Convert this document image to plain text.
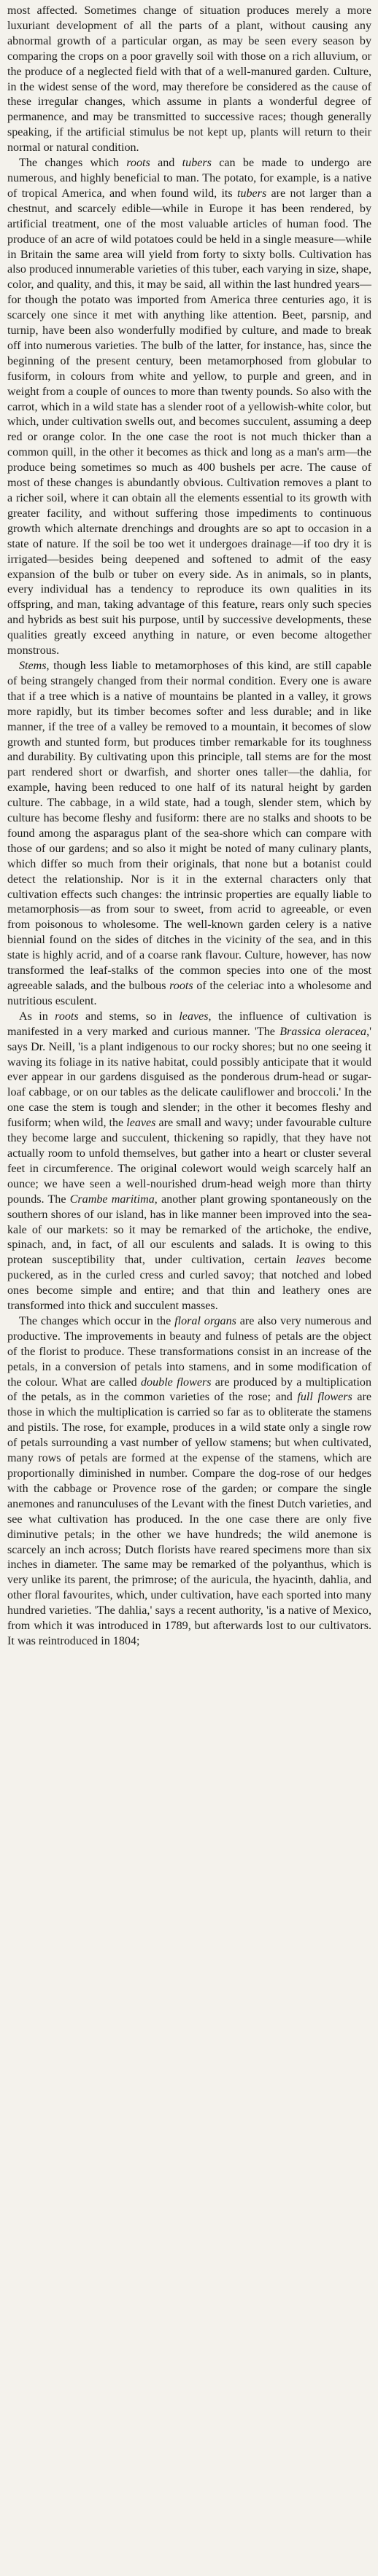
most affected. Sometimes change of situation produces merely a more luxuriant development of all the parts of a plant, without causing any abnormal growth of a particular organ, as may be seen every season by comparing the crops on a poor gravelly soil with those on a rich alluvium, or the produce of a neglected field with that of a well-manured garden. Culture, in the widest sense of the word, may therefore be considered as the cause of these irregular changes, which assume in plants a wonderful degree of permanence, and may be transmitted to successive races; though generally speaking, if the artificial stimulus be not kept up, plants will return to their normal or natural condition.

The changes which roots and tubers can be made to undergo are numerous, and highly beneficial to man. The potato, for example, is a native of tropical America, and when found wild, its tubers are not larger than a chestnut, and scarcely edible—while in Europe it has been rendered, by artificial treatment, one of the most valuable articles of human food. The produce of an acre of wild potatoes could be held in a single measure—while in Britain the same area will yield from forty to sixty bolls. Cultivation has also produced innumerable varieties of this tuber, each varying in size, shape, color, and quality, and this, it may be said, all within the last hundred years—for though the potato was imported from America three centuries ago, it is scarcely one since it met with anything like attention. Beet, parsnip, and turnip, have been also wonderfully modified by culture, and made to break off into numerous varieties. The bulb of the latter, for instance, has, since the beginning of the present century, been metamorphosed from globular to fusiform, in colours from white and yellow, to purple and green, and in weight from a couple of ounces to more than twenty pounds. So also with the carrot, which in a wild state has a slender root of a yellowish-white color, but which, under cultivation swells out, and becomes succulent, assuming a deep red or orange color. In the one case the root is not much thicker than a common quill, in the other it becomes as thick and long as a man's arm—the produce being sometimes so much as 400 bushels per acre. The cause of most of these changes is abundantly obvious. Cultivation removes a plant to a richer soil, where it can obtain all the elements essential to its growth with greater facility, and without suffering those impediments to continuous growth which alternate drenchings and droughts are so apt to occasion in a state of nature. If the soil be too wet it undergoes drainage—if too dry it is irrigated—besides being deepened and softened to admit of the easy expansion of the bulb or tuber on every side. As in animals, so in plants, every individual has a tendency to reproduce its own qualities in its offspring, and man, taking advantage of this feature, rears only such species and hybrids as best suit his purpose, until by successive developments, these qualities greatly exceed anything in nature, or even become altogether monstrous.

Stems, though less liable to metamorphoses of this kind, are still capable of being strangely changed from their normal condition. Every one is aware that if a tree which is a native of mountains be planted in a valley, it grows more rapidly, but its timber becomes softer and less durable; and in like manner, if the tree of a valley be removed to a mountain, it becomes of slow growth and stunted form, but produces timber remarkable for its toughness and durability. By cultivating upon this principle, tall stems are for the most part rendered short or dwarfish, and shorter ones taller—the dahlia, for example, having been reduced to one half of its natural height by garden culture. The cabbage, in a wild state, had a tough, slender stem, which by culture has become fleshy and fusiform: there are no stalks and shoots to be found among the asparagus plant of the sea-shore which can compare with those of our gardens; and so also it might be noted of many culinary plants, which differ so much from their originals, that none but a botanist could detect the relationship. Nor is it in the external characters only that cultivation effects such changes: the intrinsic properties are equally liable to metamorphosis—as from sour to sweet, from acrid to agreeable, or even from poisonous to wholesome. The well-known garden celery is a native biennial found on the sides of ditches in the vicinity of the sea, and in this state is highly acrid, and of a coarse rank flavour. Culture, however, has now transformed the leaf-stalks of the common species into one of the most agreeable salads, and the bulbous roots of the celeriac into a wholesome and nutritious esculent.

As in roots and stems, so in leaves, the influence of cultivation is manifested in a very marked and curious manner. 'The Brassica oleracea,' says Dr. Neill, 'is a plant indigenous to our rocky shores; but no one seeing it waving its foliage in its native habitat, could possibly anticipate that it would ever appear in our gardens disguised as the ponderous drum-head or sugar-loaf cabbage, or on our tables as the delicate cauliflower and broccoli.' In the one case the stem is tough and slender; in the other it becomes fleshy and fusiform; when wild, the leaves are small and wavy; under favourable culture they become large and succulent, thickening so rapidly, that they have not actually room to unfold themselves, but gather into a heart or cluster several feet in circumference. The original colewort would weigh scarcely half an ounce; we have seen a well-nourished drum-head weigh more than thirty pounds. The Crambe maritima, another plant growing spontaneously on the southern shores of our island, has in like manner been improved into the sea-kale of our markets: so it may be remarked of the artichoke, the endive, spinach, and, in fact, of all our esculents and salads. It is owing to this protean susceptibility that, under cultivation, certain leaves become puckered, as in the curled cress and curled savoy; that notched and lobed ones become simple and entire; and that thin and leathery ones are transformed into thick and succulent masses.

The changes which occur in the floral organs are also very numerous and productive. The improvements in beauty and fulness of petals are the object of the florist to produce. These transformations consist in an increase of the petals, in a conversion of petals into stamens, and in some modification of the colour. What are called double flowers are produced by a multiplication of the petals, as in the common varieties of the rose; and full flowers are those in which the multiplication is carried so far as to obliterate the stamens and pistils. The rose, for example, produces in a wild state only a single row of petals surrounding a vast number of yellow stamens; but when cultivated, many rows of petals are formed at the expense of the stamens, which are proportionally diminished in number. Compare the dog-rose of our hedges with the cabbage or Provence rose of the garden; or compare the single anemones and ranunculuses of the Levant with the finest Dutch varieties, and see what cultivation has produced. In the one case there are only five diminutive petals; in the other we have hundreds; the wild anemone is scarcely an inch across; Dutch florists have reared specimens more than six inches in diameter. The same may be remarked of the polyanthus, which is very unlike its parent, the primrose; of the auricula, the hyacinth, dahlia, and other floral favourites, which, under cultivation, have each sported into many hundred varieties. 'The dahlia,' says a recent authority, 'is a native of Mexico, from which it was introduced in 1789, but afterwards lost to our cultivators. It was reintroduced in 1804;
